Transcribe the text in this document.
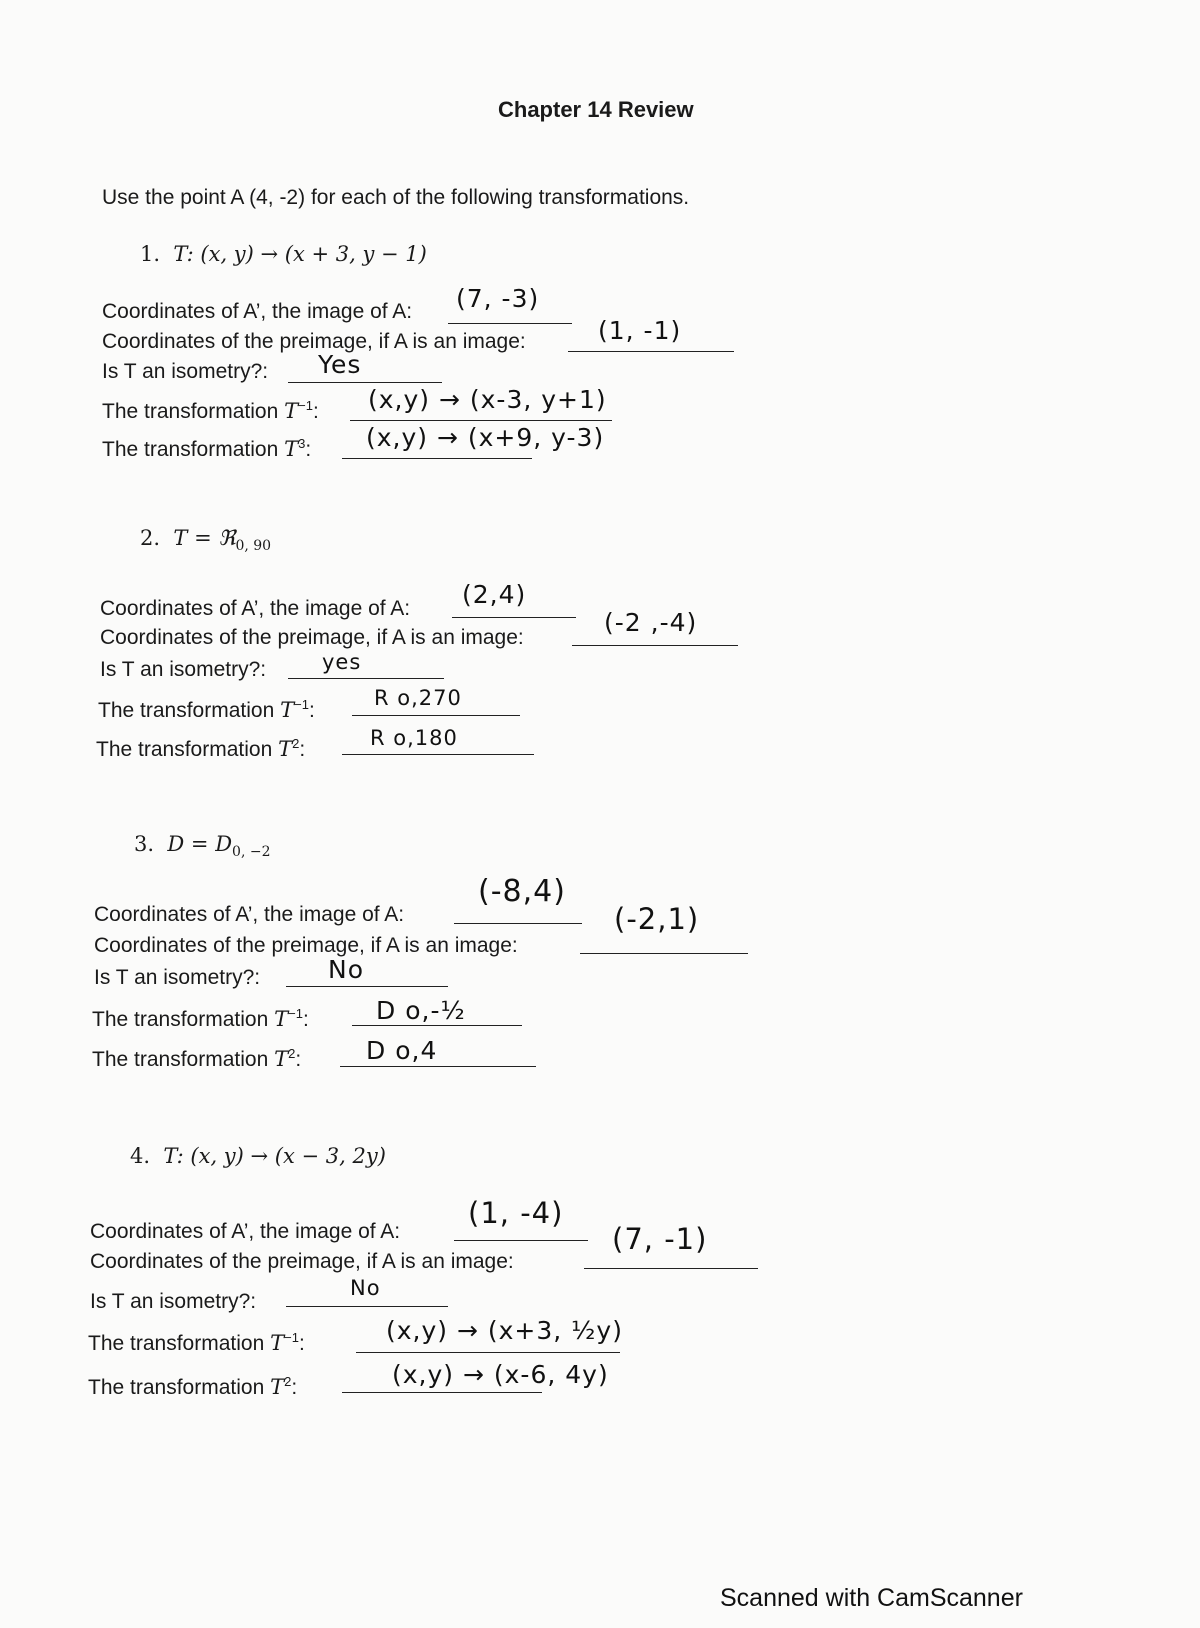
Chapter 14 Review
Use the point A (4, -2) for each of the following transformations.
1. T: (x, y) → (x + 3, y − 1)
Coordinates of A’, the image of A: (7, -3)
Coordinates of the preimage, if A is an image:	(1, -1)
Is T an isometry?: Yes
The transformation $T^{-1}$: (x,y) → (x-3, y+1)
The transformation $T^3$: (x,y) → (x+9, y-3)
2. T = ℜ$_{0, 90}$
Coordinates of A’, the image of A: (2,4)
Coordinates of the preimage, if A is an image:
(-2 ,-4)
Is T an isometry?:	yes
The transformation $T^{-1}$:
R o,270
The transformation $T^2$:	R o,180
3. $D = D_{0, -2}$
Coordinates of A’, the image of A:
(-8,4)
Coordinates of the preimage, if A is an image:
(-2,1)
Is T an isometry?:	No
The transformation $T^{-1}$:	D o,-½
The transformation $T^2$:	D o,4
4. T: (x, y) → (x − 3, 2y)
Coordinates of A’, the image of A:
(1, -4)
Coordinates of the preimage, if A is an image:
(7, -1)
Is T an isometry?:
No
The transformation $T^{-1}$:	(x,y) → (x+3, ½y)
The transformation $T^2$:	(x,y) → (x-6, 4y)
Scanned with CamScanner
